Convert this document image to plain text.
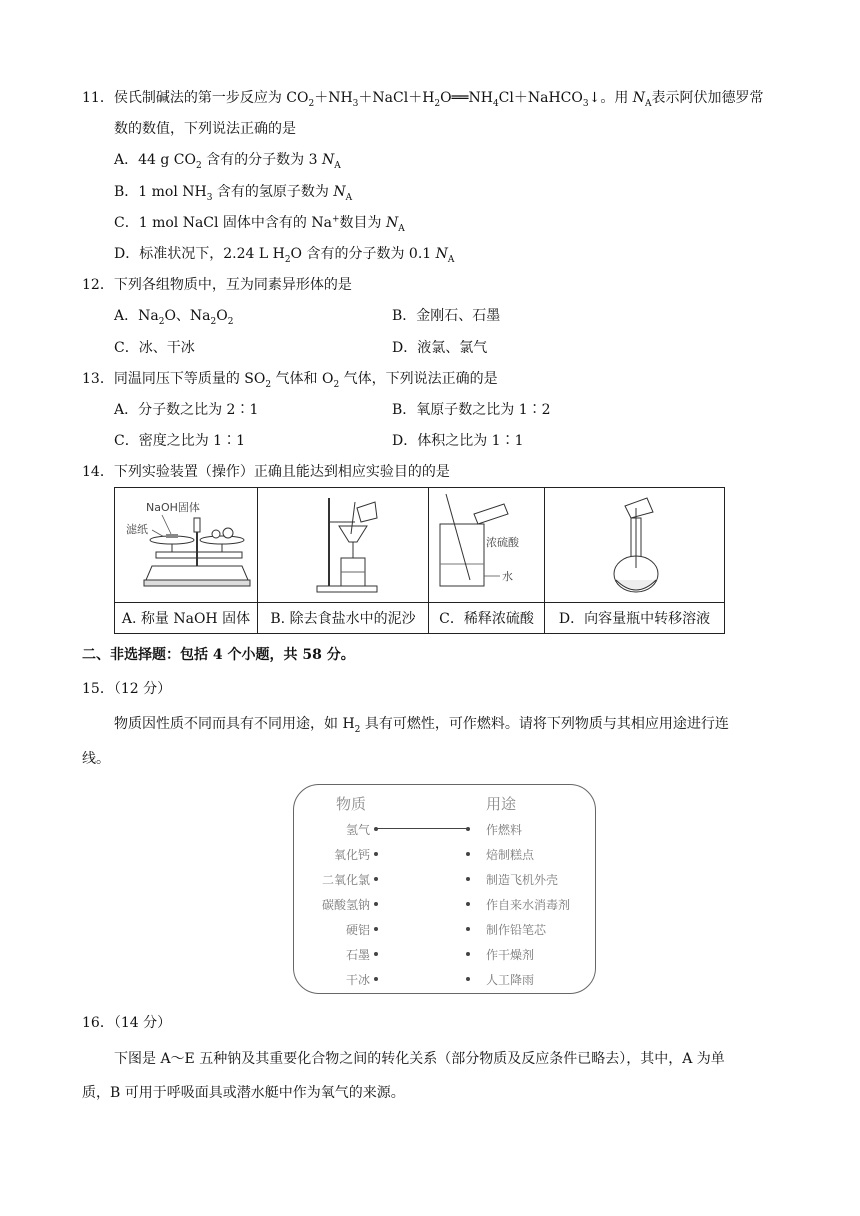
11．侯氏制碱法的第一步反应为 $CO_2+NH_3+NaCl+H_2O══NH_4Cl+NaHCO_3↓$。用 $N_A$表示阿伏加德罗常
数的数值，下列说法正确的是
A．44 g $CO_2$ 含有的分子数为 3 $N_A$
B．1 mol $NH_3$ 含有的氢原子数为 $N_A$
C．1 mol NaCl 固体中含有的 Na+数目为 $N_A$
D．标准状况下，2.24 L $H_2O$ 含有的分子数为 0.1 $N_A$
12．下列各组物质中，互为同素异形体的是
A．$Na_2O$、$Na_2O_2$	B．金刚石、石墨
C．冰、干冰	D．液氯、氯气
13．同温同压下等质量的 $SO_2$ 气体和 $O_2$ 气体，下列说法正确的是
A．分子数之比为 2∶1	B．氧原子数之比为 1∶2
C．密度之比为 1∶1	D．体积之比为 1∶1
14．下列实验装置（操作）正确且能达到相应实验目的的是
NaOH固体
滤纸		浓硫酸
水

A. 称量 NaOH 固体	B. 除去食盐水中的泥沙	C．稀释浓硫酸	D．向容量瓶中转移溶液
二、非选择题：包括 4 个小题，共 58 分。
15．（12 分）
物质因性质不同而具有不同用途，如 $H_2$ 具有可燃性，可作燃料。请将下列物质与其相应用途进行连
线。
物质	用途
氢气
氧化钙
二氧化氯
碳酸氢钠
硬铝
石墨
干冰
作燃料
焙制糕点
制造飞机外壳
作自来水消毒剂
制作铅笔芯
作干燥剂
人工降雨
16．（14 分）
下图是 A～E 五种钠及其重要化合物之间的转化关系（部分物质及反应条件已略去），其中，A 为单
质，B 可用于呼吸面具或潜水艇中作为氧气的来源。
